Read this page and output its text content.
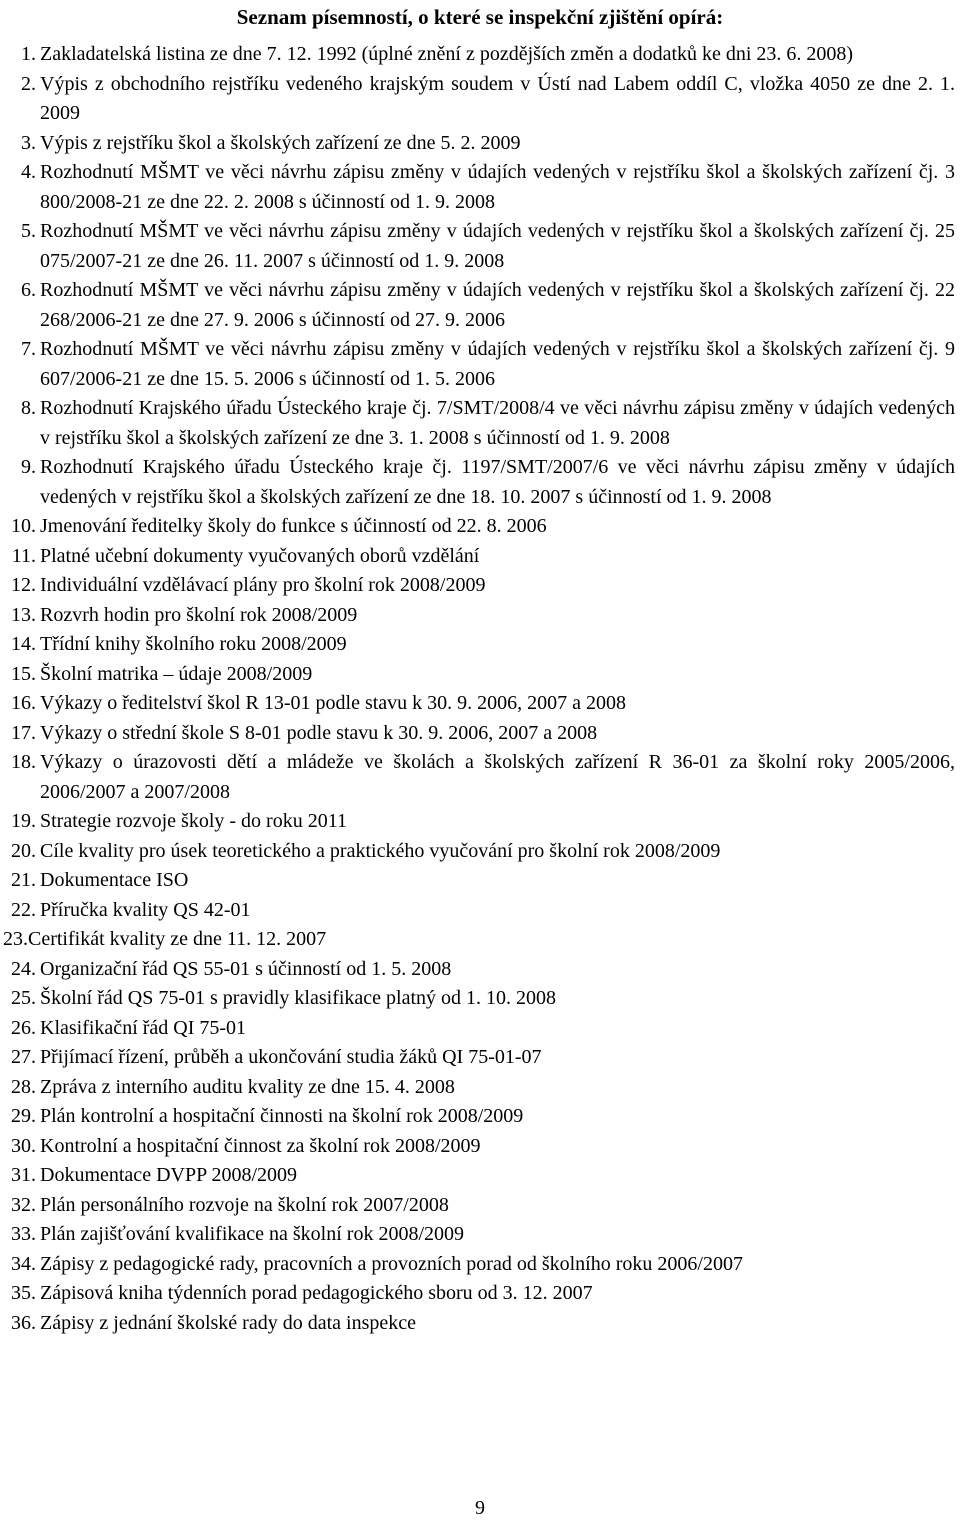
Seznam písemností, o které se inspekční zjištění opírá:
1. Zakladatelská listina ze dne 7. 12. 1992 (úplné znění z pozdějších změn a dodatků ke dni 23. 6. 2008)
2. Výpis z obchodního rejstříku vedeného krajským soudem v Ústí nad Labem oddíl C, vložka 4050 ze dne 2. 1. 2009
3. Výpis z rejstříku škol a školských zařízení ze dne 5. 2. 2009
4. Rozhodnutí MŠMT ve věci návrhu zápisu změny v údajích vedených v rejstříku škol a školských zařízení čj. 3 800/2008-21 ze dne 22. 2. 2008 s účinností od 1. 9. 2008
5. Rozhodnutí MŠMT ve věci návrhu zápisu změny v údajích vedených v rejstříku škol a školských zařízení čj. 25 075/2007-21 ze dne 26. 11. 2007 s účinností od 1. 9. 2008
6. Rozhodnutí MŠMT ve věci návrhu zápisu změny v údajích vedených v rejstříku škol a školských zařízení čj. 22 268/2006-21 ze dne 27. 9. 2006 s účinností od 27. 9. 2006
7. Rozhodnutí MŠMT ve věci návrhu zápisu změny v údajích vedených v rejstříku škol a školských zařízení čj. 9 607/2006-21 ze dne 15. 5. 2006 s účinností od 1. 5. 2006
8. Rozhodnutí Krajského úřadu Ústeckého kraje čj. 7/SMT/2008/4 ve věci návrhu zápisu změny v údajích vedených v rejstříku škol a školských zařízení ze dne 3. 1. 2008 s účinností od 1. 9. 2008
9. Rozhodnutí Krajského úřadu Ústeckého kraje čj. 1197/SMT/2007/6 ve věci návrhu zápisu změny v údajích vedených v rejstříku škol a školských zařízení ze dne 18. 10. 2007 s účinností od 1. 9. 2008
10. Jmenování ředitelky školy do funkce s účinností od 22. 8. 2006
11. Platné učební dokumenty vyučovaných oborů vzdělání
12. Individuální vzdělávací plány pro školní rok 2008/2009
13. Rozvrh hodin pro školní rok 2008/2009
14. Třídní knihy školního roku 2008/2009
15. Školní matrika – údaje 2008/2009
16. Výkazy o ředitelství škol R 13-01 podle stavu k 30. 9. 2006, 2007 a 2008
17. Výkazy o střední škole S 8-01 podle stavu k 30. 9. 2006, 2007 a 2008
18. Výkazy o úrazovosti dětí a mládeže ve školách a školských zařízení R 36-01 za školní roky 2005/2006, 2006/2007 a 2007/2008
19. Strategie rozvoje školy - do roku 2011
20. Cíle kvality pro úsek teoretického a praktického vyučování pro školní rok 2008/2009
21. Dokumentace ISO
22. Příručka kvality QS 42-01
23. Certifikát kvality ze dne 11. 12. 2007
24. Organizační řád QS 55-01 s účinností od 1. 5. 2008
25. Školní řád QS 75-01 s pravidly klasifikace platný od 1. 10. 2008
26. Klasifikační řád QI 75-01
27. Přijímací řízení, průběh a ukončování studia žáků QI 75-01-07
28. Zpráva z interního auditu kvality ze dne 15. 4. 2008
29. Plán kontrolní a hospitační činnosti na školní rok 2008/2009
30. Kontrolní a hospitační činnost za školní rok 2008/2009
31. Dokumentace DVPP 2008/2009
32. Plán personálního rozvoje na školní rok 2007/2008
33. Plán zajišťování kvalifikace na školní rok 2008/2009
34. Zápisy z pedagogické rady, pracovních a provozních porad od školního roku 2006/2007
35. Zápisová kniha týdenních porad pedagogického sboru od 3. 12. 2007
36. Zápisy z jednání školské rady do data inspekce
9
